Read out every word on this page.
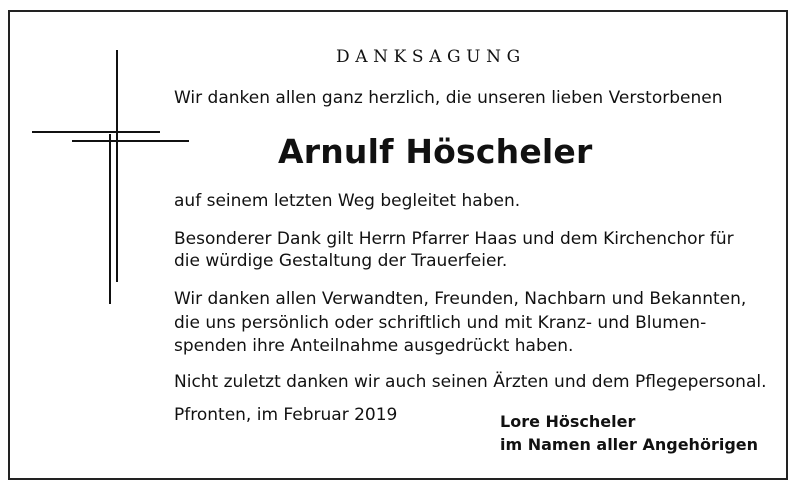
DANKSAGUNG
Wir danken allen ganz herzlich, die unseren lieben Verstorbenen
Arnulf Höscheler
auf seinem letzten Weg begleitet haben.
Besonderer Dank gilt Herrn Pfarrer Haas und dem Kirchenchor für
die würdige Gestaltung der Trauerfeier.
Wir danken allen Verwandten, Freunden, Nachbarn und Bekannten,
die uns persönlich oder schriftlich und mit Kranz- und Blumen-
spenden ihre Anteilnahme ausgedrückt haben.
Nicht zuletzt danken wir auch seinen Ärzten und dem Pflegepersonal.
Pfronten, im Februar 2019	Lore Höscheler
im Namen aller Angehörigen
